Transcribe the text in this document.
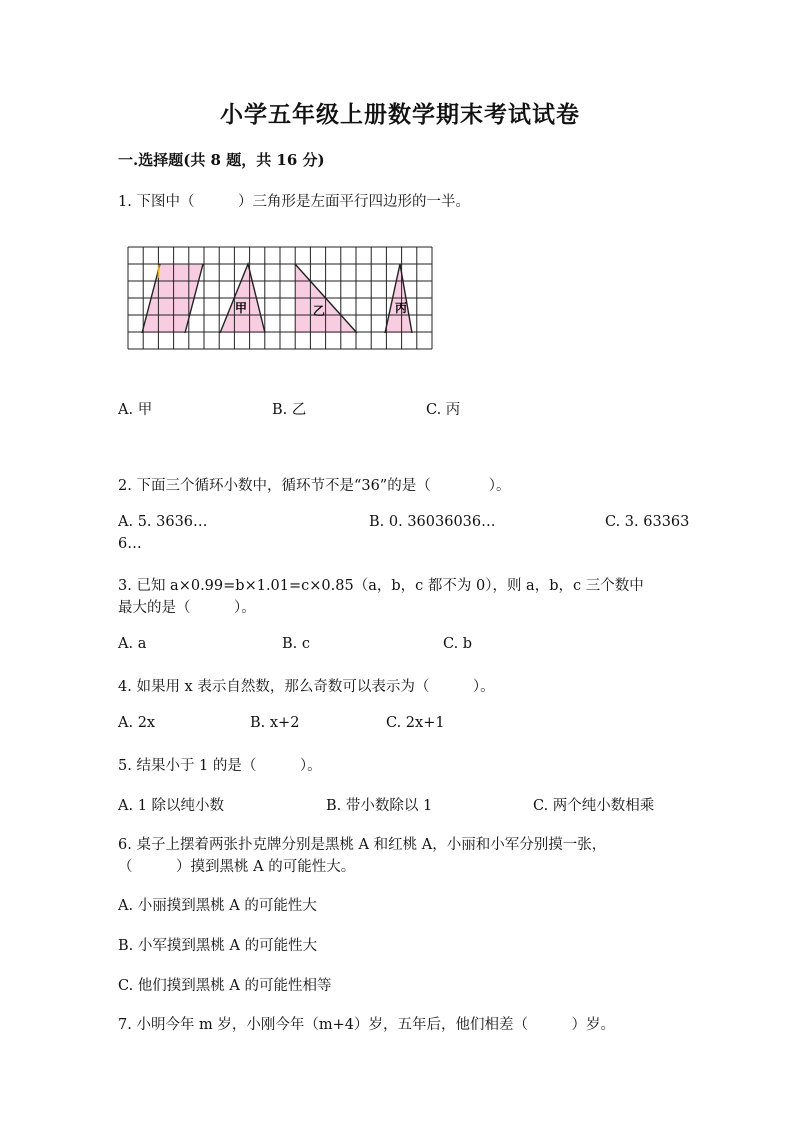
小学五年级上册数学期末考试试卷
一.选择题(共 8 题，共 16 分)
1. 下图中（　　　）三角形是左面平行四边形的一半。
甲	乙	丙
A. 甲	B. 乙	C. 丙
2. 下面三个循环小数中，循环节不是“36”的是（　　　　）。
A. 5. 3636…	B. 0. 36036036…	C. 3. 63363
6…
3. 已知 a×0.99=b×1.01=c×0.85（a，b，c 都不为 0），则 a，b，c 三个数中
最大的是（　　　）。
A. a	B. c	C. b
4. 如果用 x 表示自然数，那么奇数可以表示为（　　　）。
A. 2x	B. x+2	C. 2x+1
5. 结果小于 1 的是（　　　）。
A. 1 除以纯小数	B. 带小数除以 1	C. 两个纯小数相乘
6. 桌子上摆着两张扑克牌分别是黑桃 A 和红桃 A，小丽和小军分别摸一张，
（　　　）摸到黑桃 A 的可能性大。
A. 小丽摸到黑桃 A 的可能性大
B. 小军摸到黑桃 A 的可能性大
C. 他们摸到黑桃 A 的可能性相等
7. 小明今年 m 岁，小刚今年（m+4）岁，五年后，他们相差（　　　）岁。
